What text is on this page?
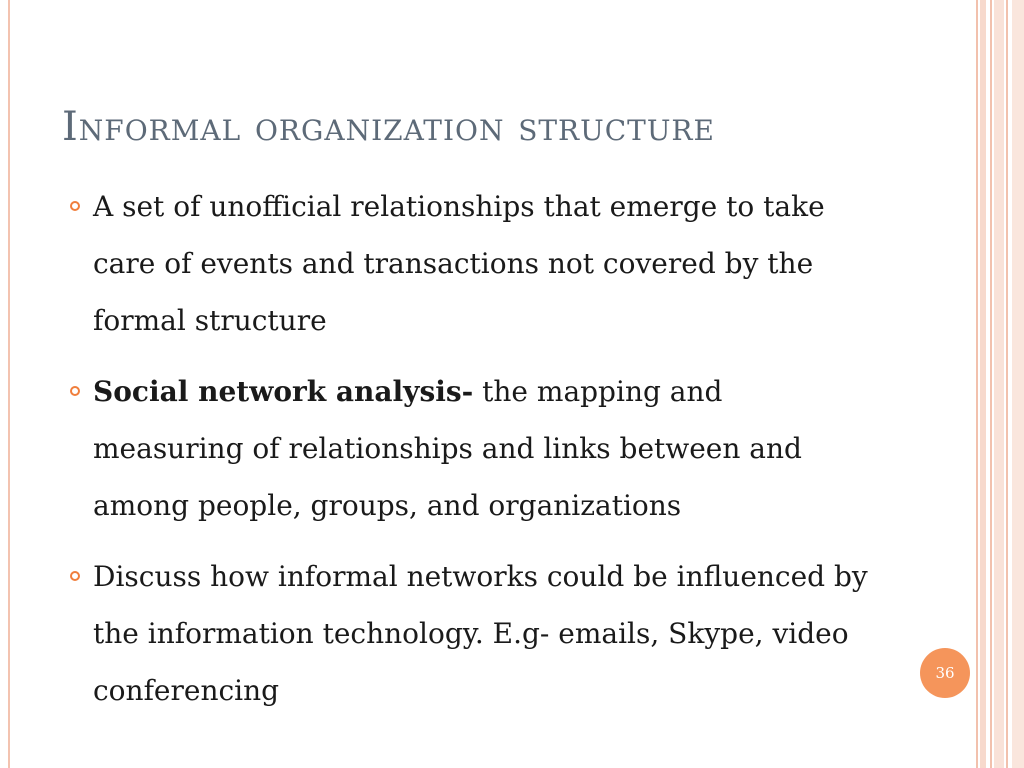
Informal organization structure
A set of unofficial relationships that emerge to take care of events and transactions not covered by the formal structure
Social network analysis- the mapping and measuring of relationships and links between and among people, groups, and organizations
Discuss how informal networks could be influenced by the information technology. E.g- emails, Skype, video conferencing
36
